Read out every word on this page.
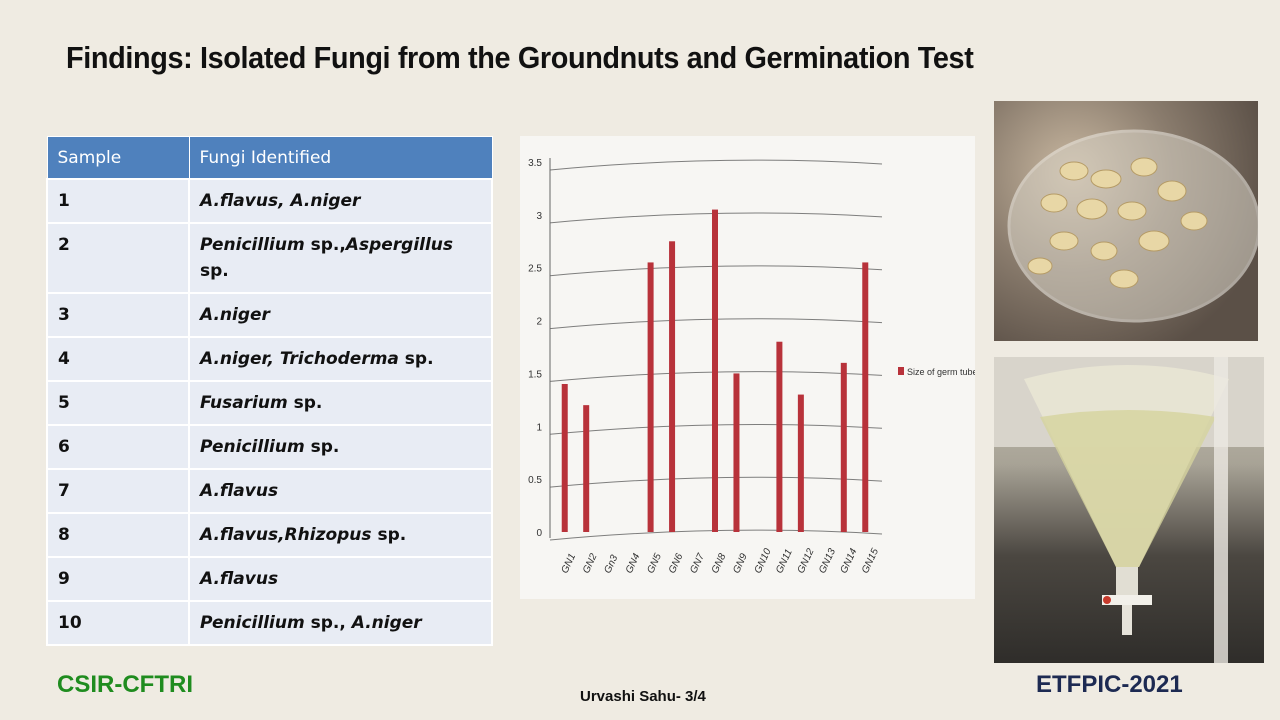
Findings: Isolated Fungi from the Groundnuts and Germination Test
Sample	Fungi Identified
1	A.flavus, A.niger
2	Penicillium sp.,Aspergillus sp.
3	A.niger
4	A.niger, Trichoderma sp.
5	Fusarium sp.
6	Penicillium sp.
7	A.flavus
8	A.flavus,Rhizopus sp.
9	A.flavus
10	Penicillium sp., A.niger
0
0.5
1
1.5
2
2.5
3
3.5
GN1 GN2 Gn3 GN4 GN5 GN6 GN7 GN8 GN9 GN10 GN11 GN12 GN13 GN14 GN15
Size of germ tube
CSIR-CFTRI	Urvashi Sahu- 3/4	ETFPIC-2021
